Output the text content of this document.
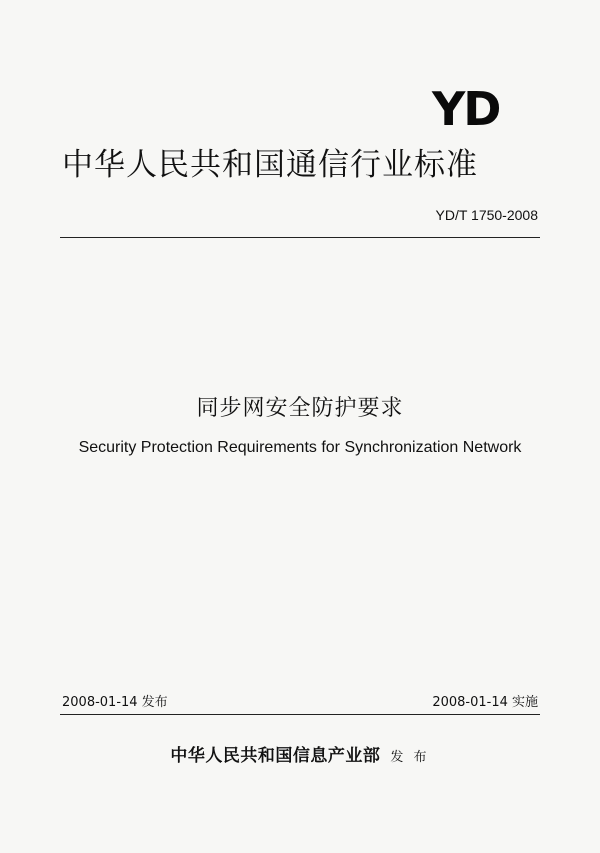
YD
中华人民共和国通信行业标准
YD/T 1750-2008
同步网安全防护要求
Security Protection Requirements for Synchronization Network
2008-01-14 发布	2008-01-14 实施
中华人民共和国信息产业部 发 布
